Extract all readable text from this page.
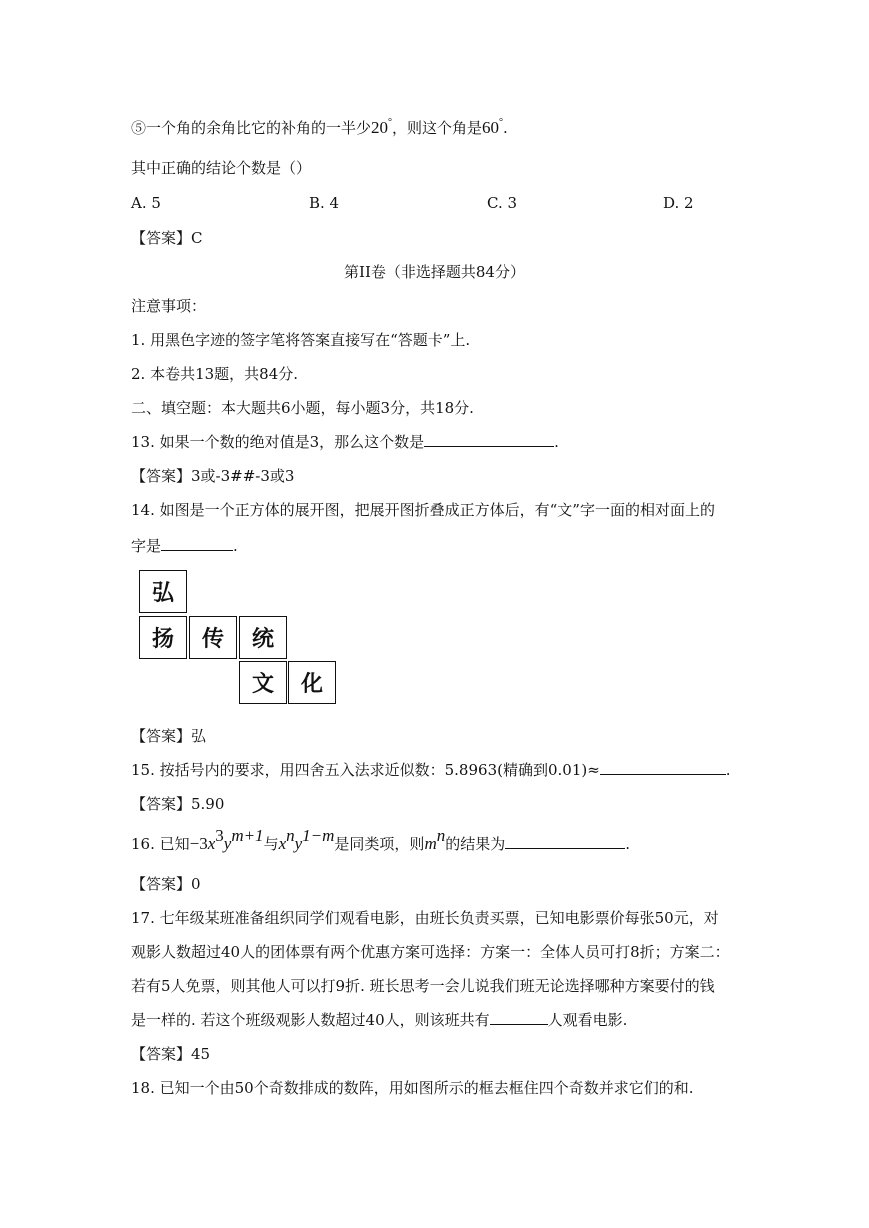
⑤一个角的余角比它的补角的一半少20°，则这个角是60°.
其中正确的结论个数是（）
A. 5	B. 4	C. 3	D. 2
【答案】C
第II卷（非选择题共84分）
注意事项：
1. 用黑色字迹的签字笔将答案直接写在“答题卡”上.
2. 本卷共13题，共84分.
二、填空题：本大题共6小题，每小题3分，共18分.
13. 如果一个数的绝对值是3，那么这个数是	.
【答案】3或-3##-3或3
14. 如图是一个正方体的展开图，把展开图折叠成正方体后，有“文”字一面的相对面上的
字是	.
弘
扬	传	统
文	化
【答案】弘
15. 按括号内的要求，用四舍五入法求近似数：5.8963(精确到0.01)≈	.
【答案】5.90
16. 已知$-3x^3y^{m+1}$与$x^ny^{1-m}$是同类项，则$m^n$的结果为	.
【答案】0
17. 七年级某班准备组织同学们观看电影，由班长负责买票，已知电影票价每张50元，对
观影人数超过40人的团体票有两个优惠方案可选择：方案一：全体人员可打8折；方案二：
若有5人免票，则其他人可以打9折. 班长思考一会儿说我们班无论选择哪种方案要付的钱
是一样的. 若这个班级观影人数超过40人，则该班共有	人观看电影.
【答案】45
18. 已知一个由50个奇数排成的数阵，用如图所示的框去框住四个奇数并求它们的和.
